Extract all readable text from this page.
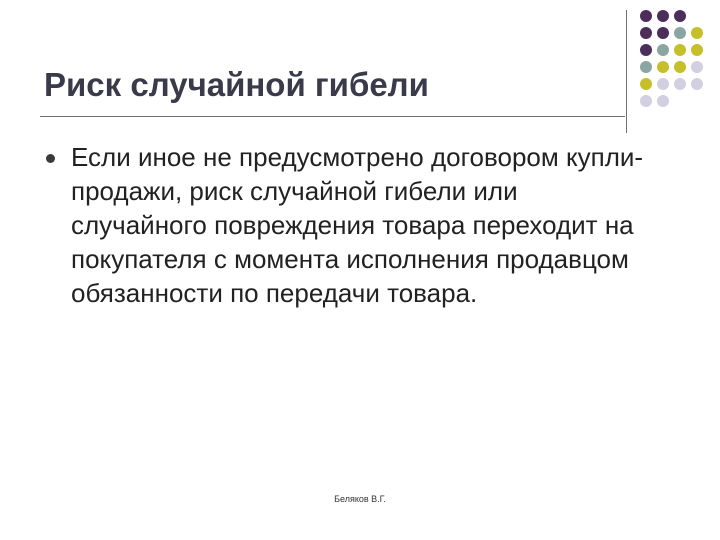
Риск случайной гибели
Если иное не предусмотрено договором купли-продажи, риск случайной гибели или случайного повреждения товара переходит на покупателя с момента исполнения продавцом обязанности по передачи товара.
Беляков В.Г.
